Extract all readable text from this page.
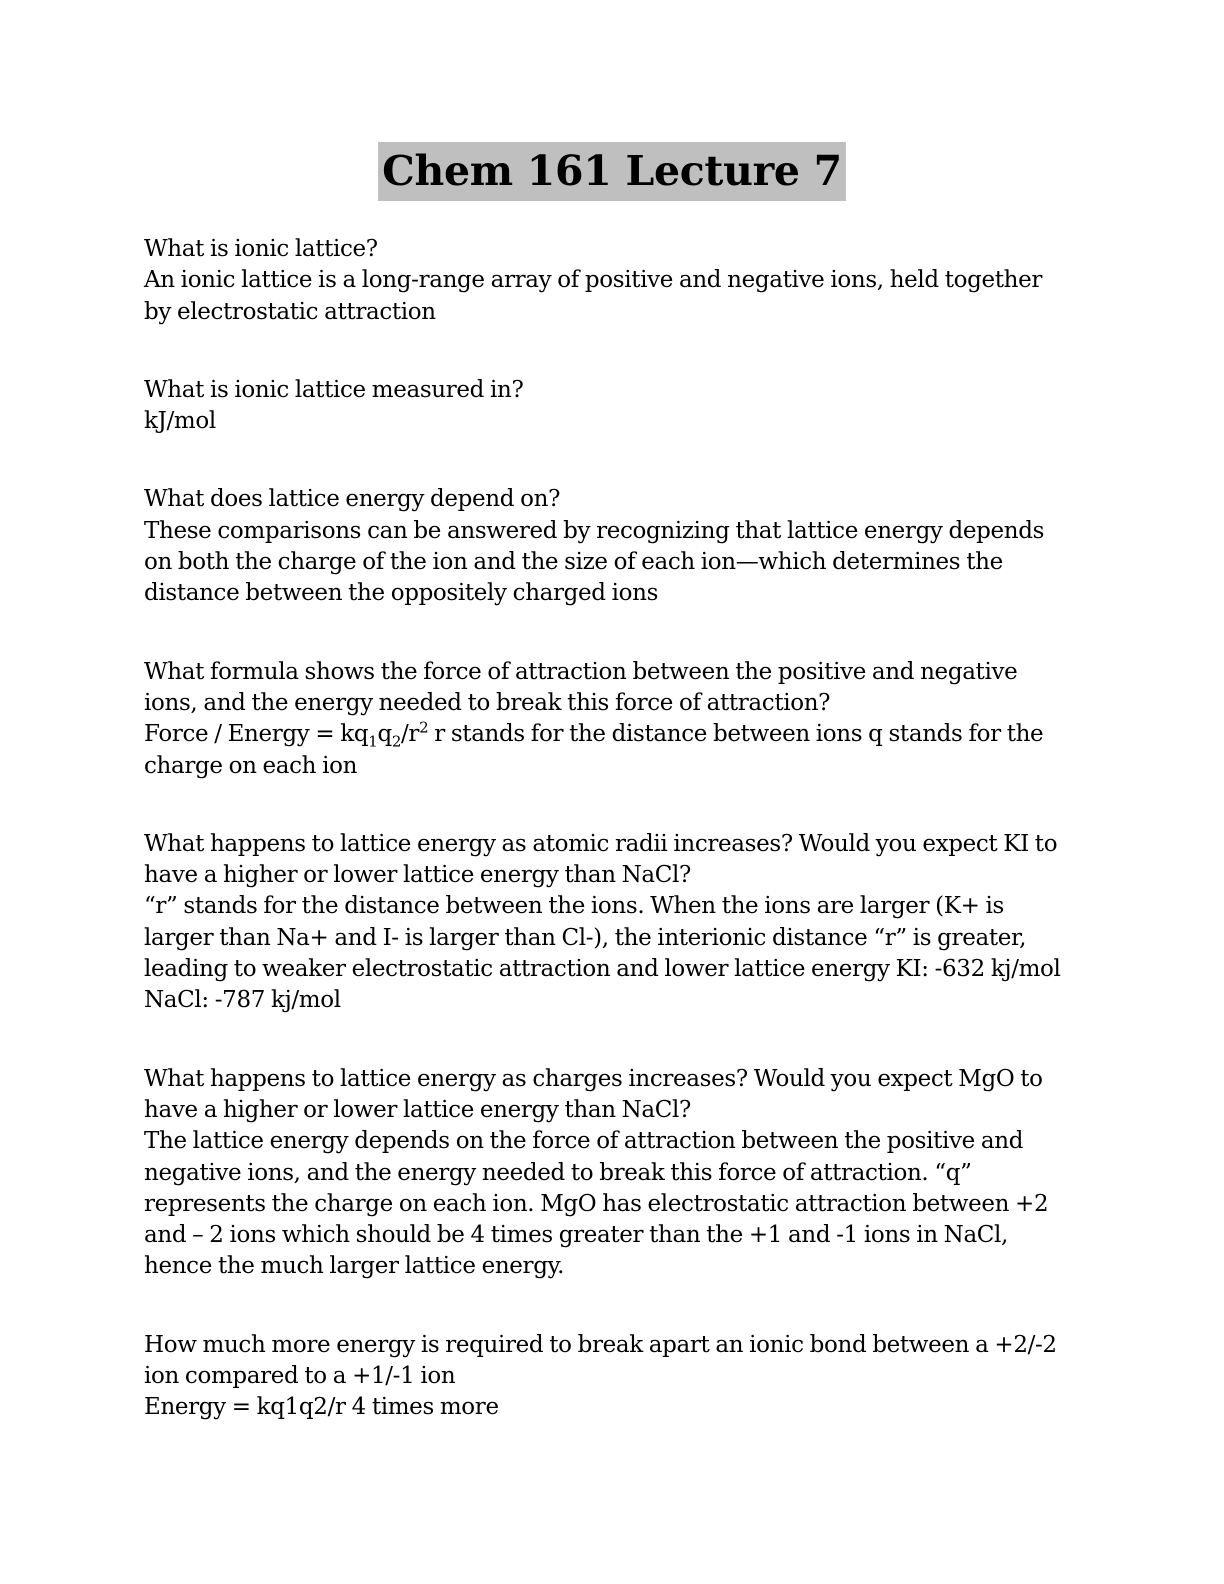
Chem 161 Lecture 7

What is ionic lattice?

An ionic lattice is a long-range array of positive and negative ions, held together by electrostatic attraction

What is ionic lattice measured in?

kJ/mol

What does lattice energy depend on?

These comparisons can be answered by recognizing that lattice energy depends on both the charge of the ion and the size of each ion—which determines the distance between the oppositely charged ions

What formula shows the force of attraction between the positive and negative ions, and the energy needed to break this force of attraction?

Force / Energy = $kq_1q_2/r^2$ r stands for the distance between ions q stands for the charge on each ion

What happens to lattice energy as atomic radii increases? Would you expect KI to have a higher or lower lattice energy than NaCl?

“r” stands for the distance between the ions. When the ions are larger (K+ is larger than Na+ and I- is larger than Cl-), the interionic distance “r” is greater, leading to weaker electrostatic attraction and lower lattice energy KI: -632 kj/mol NaCl: -787 kj/mol

What happens to lattice energy as charges increases? Would you expect MgO to have a higher or lower lattice energy than NaCl?

The lattice energy depends on the force of attraction between the positive and negative ions, and the energy needed to break this force of attraction. “q” represents the charge on each ion. MgO has electrostatic attraction between +2 and – 2 ions which should be 4 times greater than the +1 and -1 ions in NaCl, hence the much larger lattice energy.

How much more energy is required to break apart an ionic bond between a +2/-2 ion compared to a +1/-1 ion

Energy = kq1q2/r 4 times more
